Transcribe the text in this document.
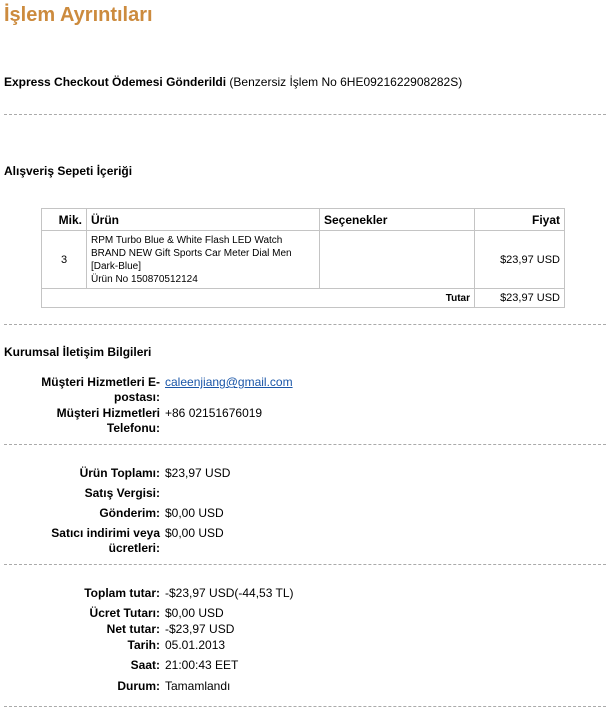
İşlem Ayrıntıları
Express Checkout Ödemesi Gönderildi (Benzersiz İşlem No 6HE0921622908282S)
Alışveriş Sepeti İçeriği
Mik.	Ürün	Seçenekler	Fiyat
3	RPM Turbo Blue & White Flash LED Watch
BRAND NEW Gift Sports Car Meter Dial Men
[Dark-Blue]
Ürün No 150870512124		$23,97 USD
Tutar			$23,97 USD
Kurumsal İletişim Bilgileri
Müşteri Hizmetleri E-
postası:
caleenjiang@gmail.com
Müşteri Hizmetleri
Telefonu:
+86 02151676019
Ürün Toplamı: $23,97 USD
Satış Vergisi:
Gönderim: $0,00 USD
Satıcı indirimi veya
ücretleri:
$0,00 USD
Toplam tutar: -$23,97 USD(-44,53 TL)
Ücret Tutarı: $0,00 USD
Net tutar: -$23,97 USD
Tarih: 05.01.2013
Saat: 21:00:43 EET
Durum: Tamamlandı
